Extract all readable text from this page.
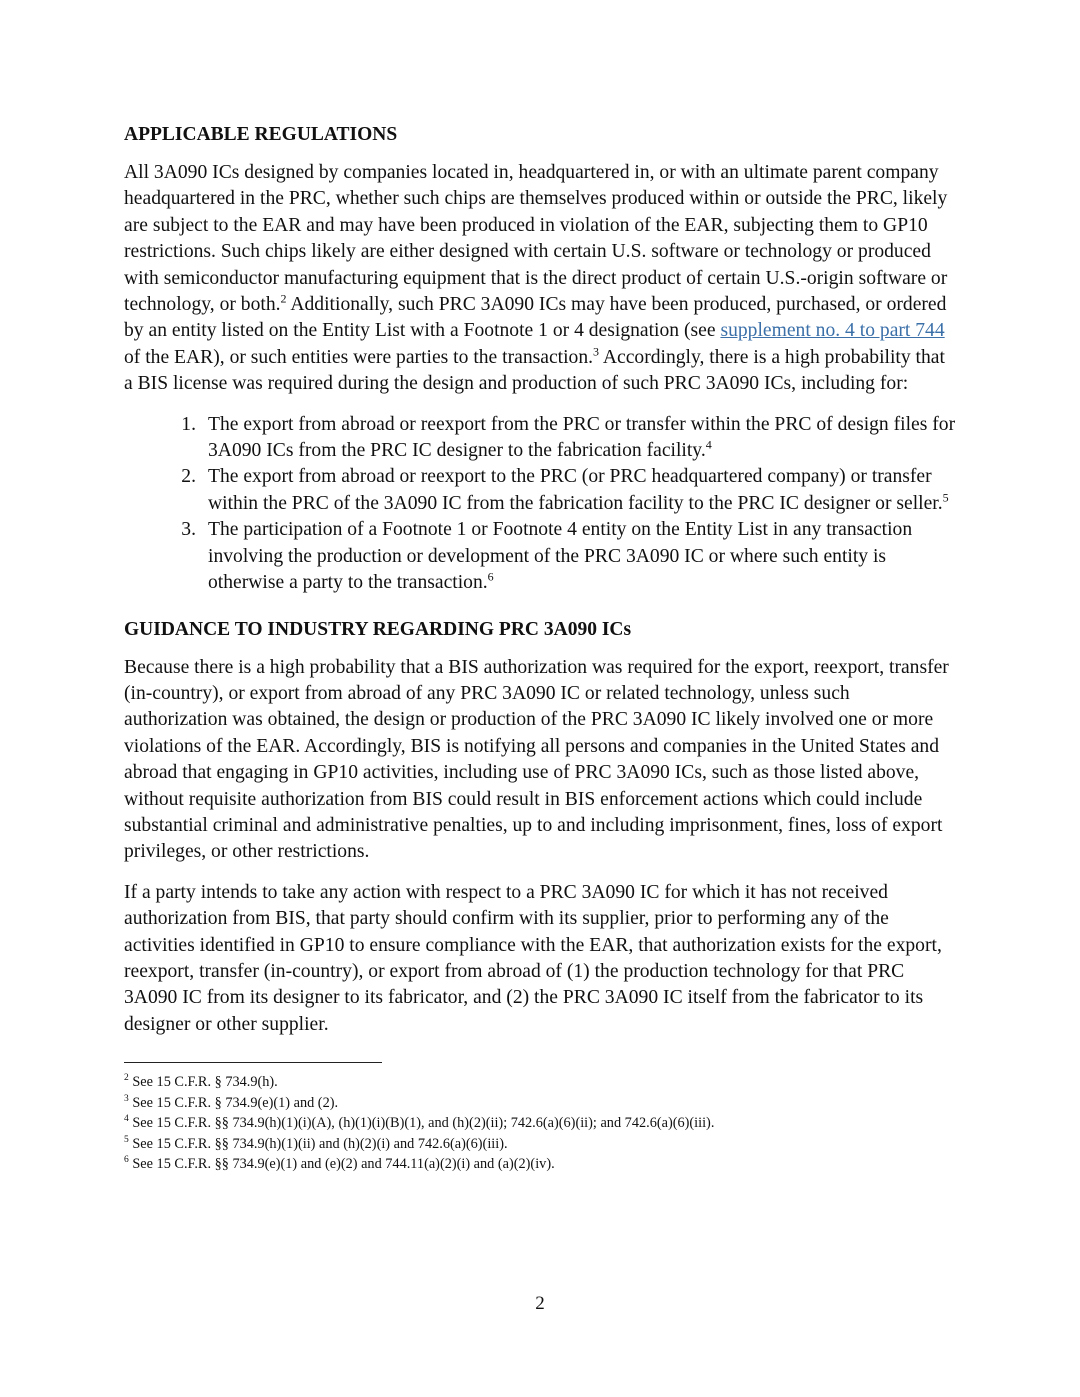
APPLICABLE REGULATIONS

All 3A090 ICs designed by companies located in, headquartered in, or with an ultimate parent company headquartered in the PRC, whether such chips are themselves produced within or outside the PRC, likely are subject to the EAR and may have been produced in violation of the EAR, subjecting them to GP10 restrictions. Such chips likely are either designed with certain U.S. software or technology or produced with semiconductor manufacturing equipment that is the direct product of certain U.S.-origin software or technology, or both.$^2$ Additionally, such PRC 3A090 ICs may have been produced, purchased, or ordered by an entity listed on the Entity List with a Footnote 1 or 4 designation (see supplement no. 4 to part 744 of the EAR), or such entities were parties to the transaction.$^3$ Accordingly, there is a high probability that a BIS license was required during the design and production of such PRC 3A090 ICs, including for:

1. The export from abroad or reexport from the PRC or transfer within the PRC of design files for 3A090 ICs from the PRC IC designer to the fabrication facility.$^4$
2. The export from abroad or reexport to the PRC (or PRC headquartered company) or transfer within the PRC of the 3A090 IC from the fabrication facility to the PRC IC designer or seller.$^5$
3. The participation of a Footnote 1 or Footnote 4 entity on the Entity List in any transaction involving the production or development of the PRC 3A090 IC or where such entity is otherwise a party to the transaction.$^6$
GUIDANCE TO INDUSTRY REGARDING PRC 3A090 ICs

Because there is a high probability that a BIS authorization was required for the export, reexport, transfer (in-country), or export from abroad of any PRC 3A090 IC or related technology, unless such authorization was obtained, the design or production of the PRC 3A090 IC likely involved one or more violations of the EAR. Accordingly, BIS is notifying all persons and companies in the United States and abroad that engaging in GP10 activities, including use of PRC 3A090 ICs, such as those listed above, without requisite authorization from BIS could result in BIS enforcement actions which could include substantial criminal and administrative penalties, up to and including imprisonment, fines, loss of export privileges, or other restrictions.

If a party intends to take any action with respect to a PRC 3A090 IC for which it has not received authorization from BIS, that party should confirm with its supplier, prior to performing any of the activities identified in GP10 to ensure compliance with the EAR, that authorization exists for the export, reexport, transfer (in-country), or export from abroad of (1) the production technology for that PRC 3A090 IC from its designer to its fabricator, and (2) the PRC 3A090 IC itself from the fabricator to its designer or other supplier.

$^2$ See 15 C.F.R. § 734.9(h).

$^3$ See 15 C.F.R. § 734.9(e)(1) and (2).

$^4$ See 15 C.F.R. §§ 734.9(h)(1)(i)(A), (h)(1)(i)(B)(1), and (h)(2)(ii); 742.6(a)(6)(ii); and 742.6(a)(6)(iii).

$^5$ See 15 C.F.R. §§ 734.9(h)(1)(ii) and (h)(2)(i) and 742.6(a)(6)(iii).

$^6$ See 15 C.F.R. §§ 734.9(e)(1) and (e)(2) and 744.11(a)(2)(i) and (a)(2)(iv).

2
